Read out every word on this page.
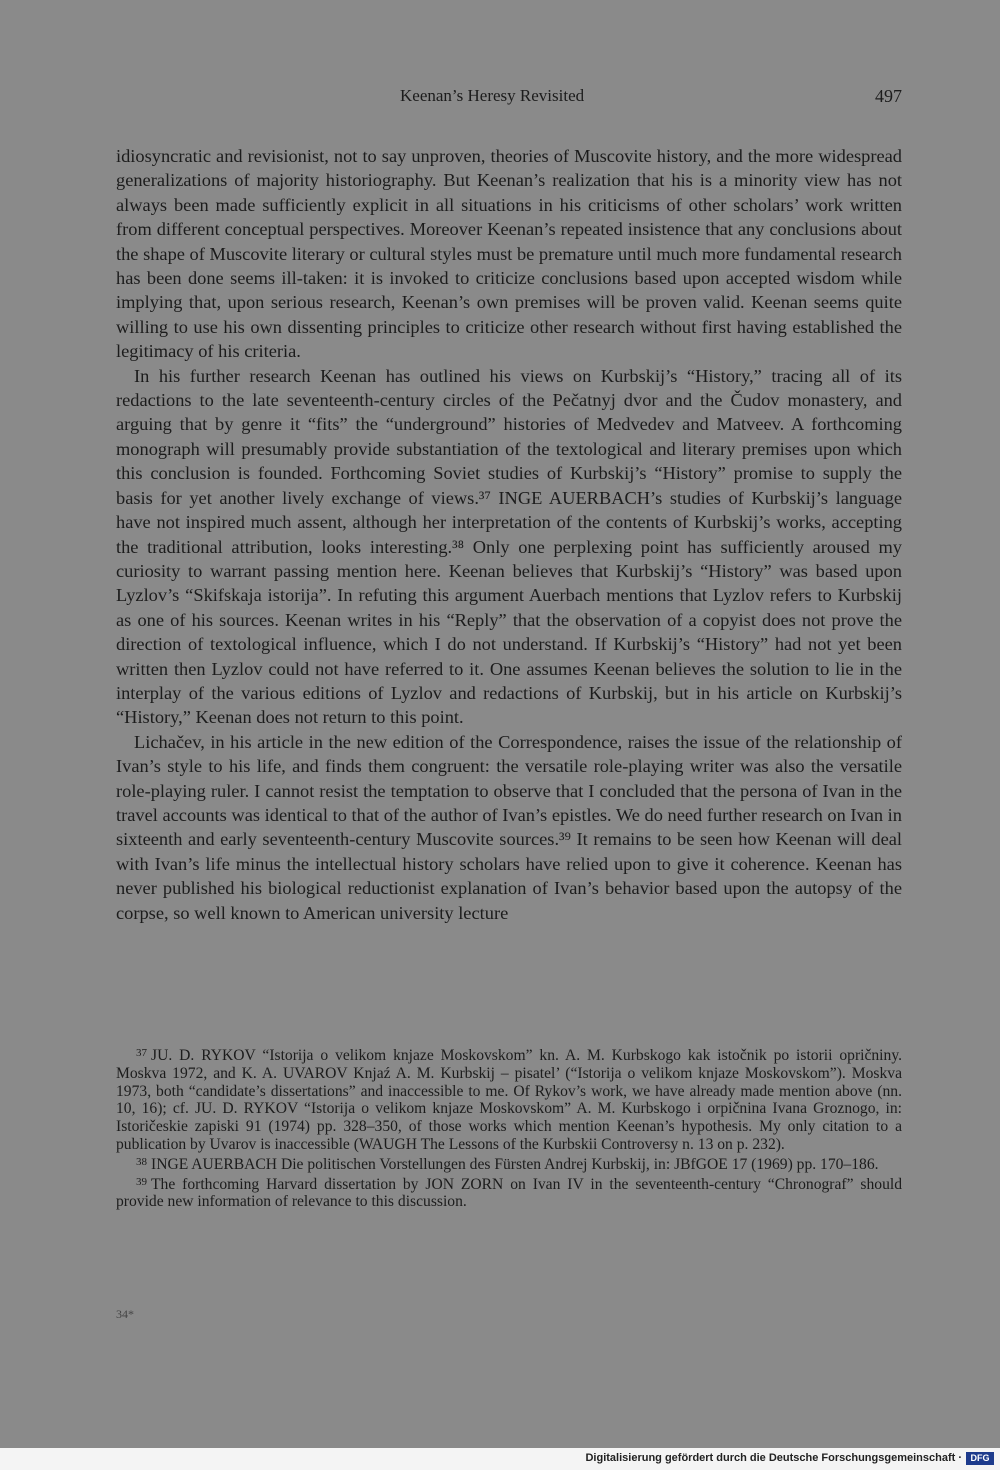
Keenan’s Heresy Revisited	497

idiosyncratic and revisionist, not to say unproven, theories of Muscovite history, and the more widespread generalizations of majority historiography. But Keenan’s realization that his is a minority view has not always been made sufficiently explicit in all situations in his criticisms of other scholars’ work written from different conceptual perspectives. Moreover Keenan’s repeated insistence that any conclusions about the shape of Muscovite literary or cultural styles must be premature until much more fundamental research has been done seems ill-taken: it is invoked to criticize conclusions based upon accepted wisdom while implying that, upon serious research, Keenan’s own premises will be proven valid. Keenan seems quite willing to use his own dissenting principles to criticize other research without first having established the legitimacy of his criteria.

In his further research Keenan has outlined his views on Kurbskij’s “History,” tracing all of its redactions to the late seventeenth-century circles of the Pečatnyj dvor and the Čudov monastery, and arguing that by genre it “fits” the “underground” histories of Medvedev and Matveev. A forthcoming monograph will presumably provide substantiation of the textological and literary premises upon which this conclusion is founded. Forthcoming Soviet studies of Kurbskij’s “History” promise to supply the basis for yet another lively exchange of views.³⁷ INGE AUERBACH’s studies of Kurbskij’s language have not inspired much assent, although her interpretation of the contents of Kurbskij’s works, accepting the traditional attribution, looks interesting.³⁸ Only one perplexing point has sufficiently aroused my curiosity to warrant passing mention here. Keenan believes that Kurbskij’s “History” was based upon Lyzlov’s “Skifskaja istorija”. In refuting this argument Auerbach mentions that Lyzlov refers to Kurbskij as one of his sources. Keenan writes in his “Reply” that the observation of a copyist does not prove the direction of textological influence, which I do not understand. If Kurbskij’s “History” had not yet been written then Lyzlov could not have referred to it. One assumes Keenan believes the solution to lie in the interplay of the various editions of Lyzlov and redactions of Kurbskij, but in his article on Kurbskij’s “History,” Keenan does not return to this point.

Lichačev, in his article in the new edition of the Correspondence, raises the issue of the relationship of Ivan’s style to his life, and finds them congruent: the versatile role-playing writer was also the versatile role-playing ruler. I cannot resist the temptation to observe that I concluded that the persona of Ivan in the travel accounts was identical to that of the author of Ivan’s epistles. We do need further research on Ivan in sixteenth and early seventeenth-century Muscovite sources.³⁹ It remains to be seen how Keenan will deal with Ivan’s life minus the intellectual history scholars have relied upon to give it coherence. Keenan has never published his biological reductionist explanation of Ivan’s behavior based upon the autopsy of the corpse, so well known to American university lecture

$^{37}$ JU. D. RYKOV “Istorija o velikom knjaze Moskovskom” kn. A. M. Kurbskogo kak istočnik po istorii opričniny. Moskva 1972, and K. A. UVAROV Knjaź A. M. Kurbskij – pisatel’ (“Istorija o velikom knjaze Moskovskom”). Moskva 1973, both “candidate’s dissertations” and inaccessible to me. Of Rykov’s work, we have already made mention above (nn. 10, 16); cf. JU. D. RYKOV “Istorija o velikom knjaze Moskovskom” A. M. Kurbskogo i orpičnina Ivana Groznogo, in: Istoričeskie zapiski 91 (1974) pp. 328–350, of those works which mention Keenan’s hypothesis. My only citation to a publication by Uvarov is inaccessible (WAUGH The Lessons of the Kurbskii Controversy n. 13 on p. 232).

$^{38}$ INGE AUERBACH Die politischen Vorstellungen des Fürsten Andrej Kurbskij, in: JBfGOE 17 (1969) pp. 170–186.

$^{39}$ The forthcoming Harvard dissertation by JON ZORN on Ivan IV in the seventeenth-century “Chronograf” should provide new information of relevance to this discussion.

34*
Digitalisierung gefördert durch die Deutsche Forschungsgemeinschaft · DFG
